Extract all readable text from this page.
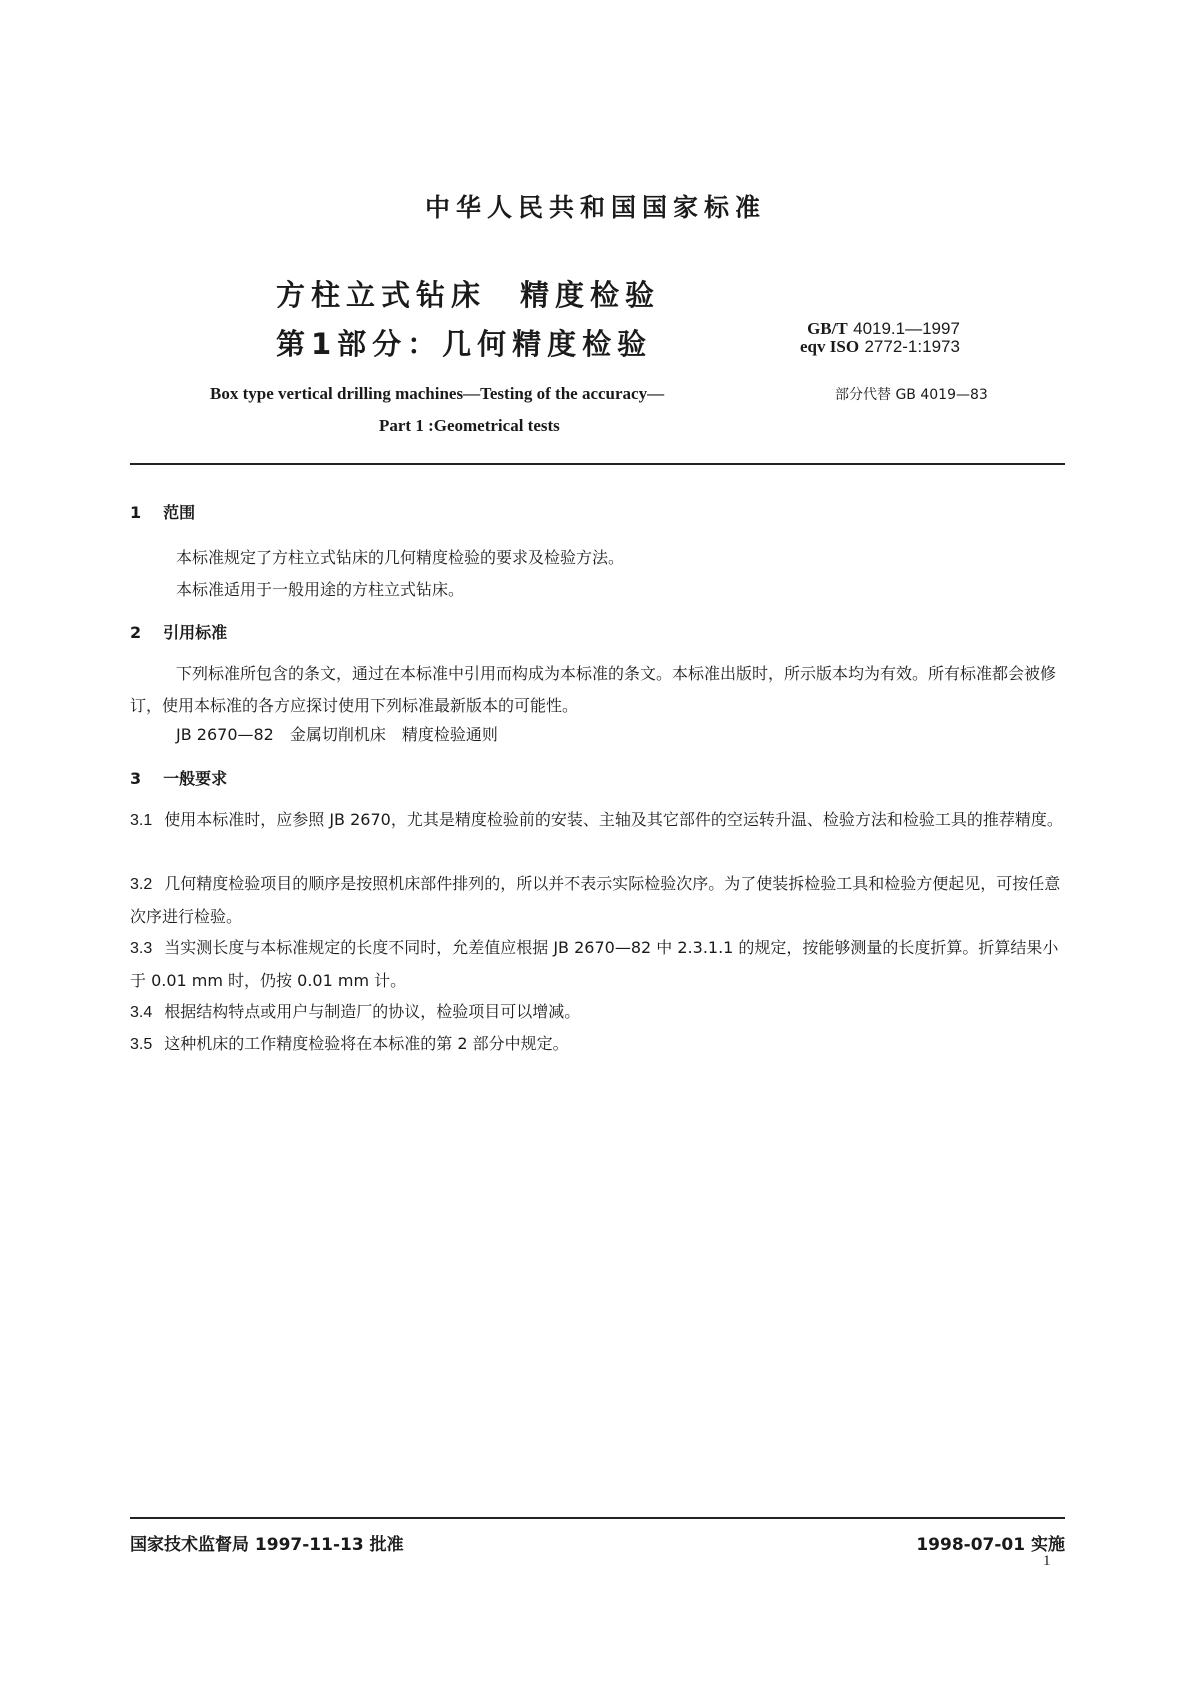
中华人民共和国国家标准
方柱立式钻床 精度检验
第1部分：几何精度检验	GB/T 4019.1—1997
eqv ISO 2772-1:1973
Box type vertical drilling machines—Testing of the accuracy—
Part 1 :Geometrical tests
部分代替 GB 4019—83
1 范围
本标准规定了方柱立式钻床的几何精度检验的要求及检验方法。
本标准适用于一般用途的方柱立式钻床。
2 引用标准
下列标准所包含的条文，通过在本标准中引用而构成为本标准的条文。本标准出版时，所示版本均为有效。所有标准都会被修订，使用本标准的各方应探讨使用下列标准最新版本的可能性。
JB 2670—82　金属切削机床　精度检验通则
3 一般要求
3.1 使用本标准时，应参照 JB 2670，尤其是精度检验前的安装、主轴及其它部件的空运转升温、检验方法和检验工具的推荐精度。
3.2 几何精度检验项目的顺序是按照机床部件排列的，所以并不表示实际检验次序。为了使装拆检验工具和检验方便起见，可按任意次序进行检验。
3.3 当实测长度与本标准规定的长度不同时，允差值应根据 JB 2670—82 中 2.3.1.1 的规定，按能够测量的长度折算。折算结果小于 0.01 mm 时，仍按 0.01 mm 计。
3.4 根据结构特点或用户与制造厂的协议，检验项目可以增减。
3.5 这种机床的工作精度检验将在本标准的第 2 部分中规定。
国家技术监督局 1997-11-13 批准	1998-07-01 实施
1
